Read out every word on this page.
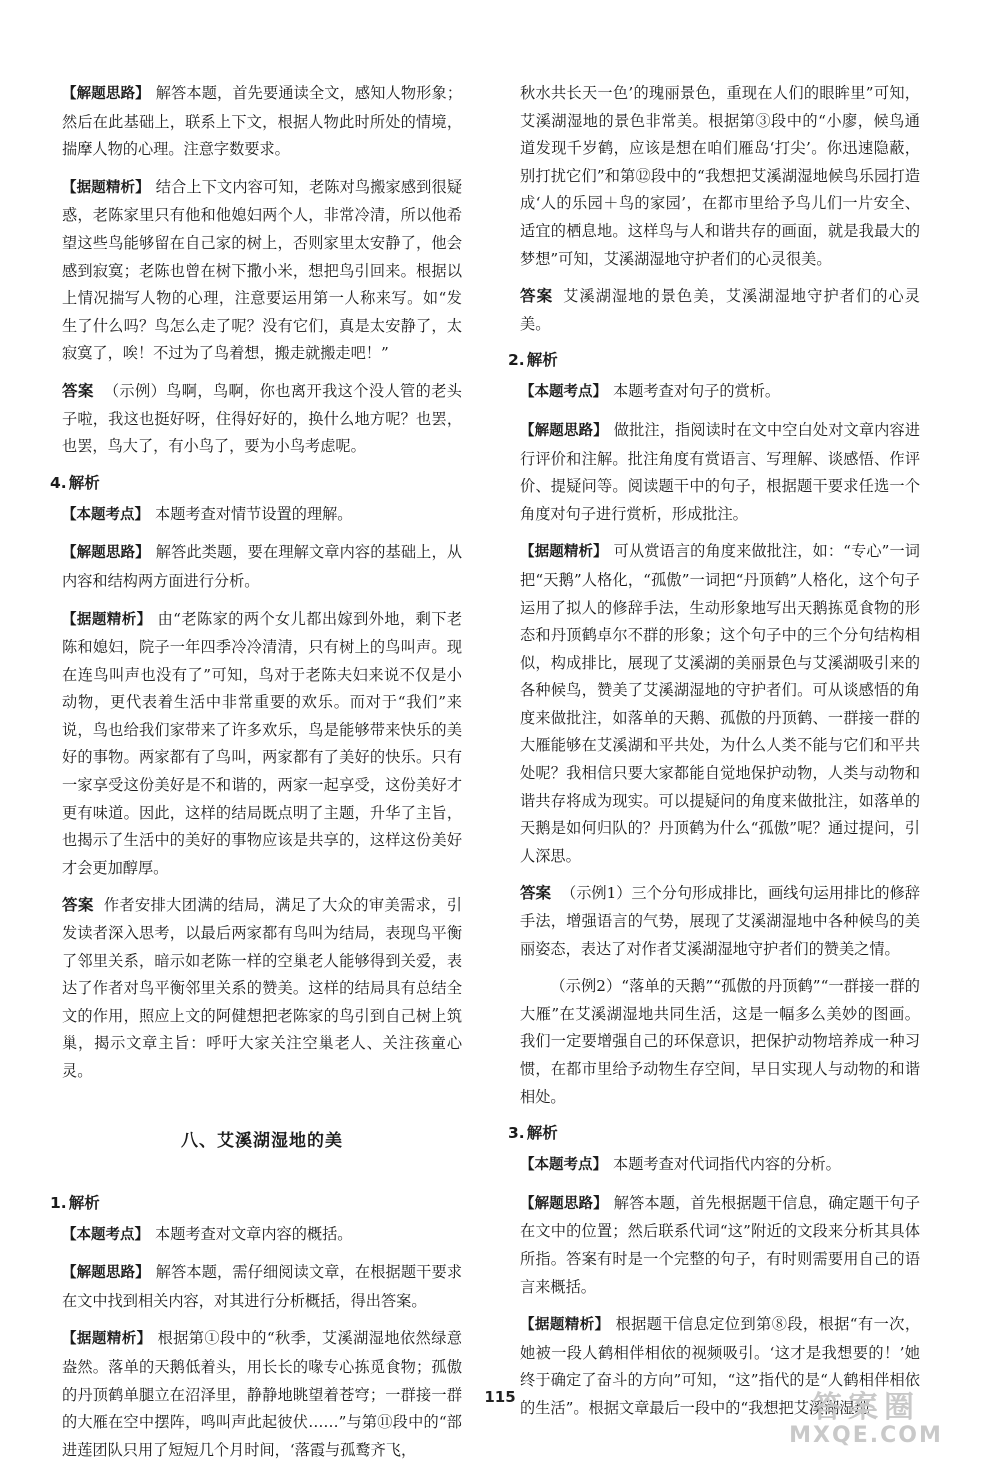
【解题思路】 解答本题，首先要通读全文，感知人物形象；然后在此基础上，联系上下文，根据人物此时所处的情境，揣摩人物的心理。注意字数要求。

【据题精析】 结合上下文内容可知，老陈对鸟搬家感到很疑惑，老陈家里只有他和他媳妇两个人，非常冷清，所以他希望这些鸟能够留在自己家的树上，否则家里太安静了，他会感到寂寞；老陈也曾在树下撒小米，想把鸟引回来。根据以上情况揣写人物的心理，注意要运用第一人称来写。如“发生了什么吗？鸟怎么走了呢？没有它们，真是太安静了，太寂寞了，唉！不过为了鸟着想，搬走就搬走吧！”

答案 （示例）鸟啊，鸟啊，你也离开我这个没人管的老头子啦，我这也挺好呀，住得好好的，换什么地方呢？也罢，也罢，鸟大了，有小鸟了，要为小鸟考虑呢。

4. 解析

【本题考点】 本题考查对情节设置的理解。

【解题思路】 解答此类题，要在理解文章内容的基础上，从内容和结构两方面进行分析。

【据题精析】 由“老陈家的两个女儿都出嫁到外地，剩下老陈和媳妇，院子一年四季冷冷清清，只有树上的鸟叫声。现在连鸟叫声也没有了”可知，鸟对于老陈夫妇来说不仅是小动物，更代表着生活中非常重要的欢乐。而对于“我们”来说，鸟也给我们家带来了许多欢乐，鸟是能够带来快乐的美好的事物。两家都有了鸟叫，两家都有了美好的快乐。只有一家享受这份美好是不和谐的，两家一起享受，这份美好才更有味道。因此，这样的结局既点明了主题，升华了主旨，也揭示了生活中的美好的事物应该是共享的，这样这份美好才会更加醇厚。

答案 作者安排大团满的结局，满足了大众的审美需求，引发读者深入思考，以最后两家都有鸟叫为结局，表现鸟平衡了邻里关系，暗示如老陈一样的空巢老人能够得到关爱，表达了作者对鸟平衡邻里关系的赞美。这样的结局具有总结全文的作用，照应上文的阿健想把老陈家的鸟引到自己树上筑巢，揭示文章主旨：呼吁大家关注空巢老人、关注孩童心灵。

八、艾溪湖湿地的美
1. 解析

【本题考点】 本题考查对文章内容的概括。

【解题思路】 解答本题，需仔细阅读文章，在根据题干要求在文中找到相关内容，对其进行分析概括，得出答案。

【据题精析】 根据第①段中的“秋季，艾溪湖湿地依然绿意盎然。落单的天鹅低着头，用长长的喙专心拣觅食物；孤傲的丹顶鹤单腿立在沼泽里，静静地眺望着苍穹；一群接一群的大雁在空中摆阵，鸣叫声此起彼伏……”与第⑪段中的“部进莲团队只用了短短几个月时间，‘落霞与孤鹜齐飞，

秋水共长天一色’的瑰丽景色，重现在人们的眼眸里”可知，艾溪湖湿地的景色非常美。根据第③段中的“小廖，候鸟通道发现千岁鹤，应该是想在咱们雁岛‘打尖’。你迅速隐蔽，别打扰它们”和第⑫段中的“我想把艾溪湖湿地候鸟乐园打造成‘人的乐园＋鸟的家园’，在都市里给予鸟儿们一片安全、适宜的栖息地。这样鸟与人和谐共存的画面，就是我最大的梦想”可知，艾溪湖湿地守护者们的心灵很美。

答案 艾溪湖湿地的景色美，艾溪湖湿地守护者们的心灵美。

2. 解析

【本题考点】 本题考查对句子的赏析。

【解题思路】 做批注，指阅读时在文中空白处对文章内容进行评价和注解。批注角度有赏语言、写理解、谈感悟、作评价、提疑问等。阅读题干中的句子，根据题干要求任选一个角度对句子进行赏析，形成批注。

【据题精析】 可从赏语言的角度来做批注，如：“专心”一词把“天鹅”人格化，“孤傲”一词把“丹顶鹤”人格化，这个句子运用了拟人的修辞手法，生动形象地写出天鹅拣觅食物的形态和丹顶鹤卓尔不群的形象；这个句子中的三个分句结构相似，构成排比，展现了艾溪湖的美丽景色与艾溪湖吸引来的各种候鸟，赞美了艾溪湖湿地的守护者们。可从谈感悟的角度来做批注，如落单的天鹅、孤傲的丹顶鹤、一群接一群的大雁能够在艾溪湖和平共处，为什么人类不能与它们和平共处呢？我相信只要大家都能自觉地保护动物，人类与动物和谐共存将成为现实。可以提疑问的角度来做批注，如落单的天鹅是如何归队的？丹顶鹤为什么“孤傲”呢？通过提问，引人深思。

答案 （示例1）三个分句形成排比，画线句运用排比的修辞手法，增强语言的气势，展现了艾溪湖湿地中各种候鸟的美丽姿态，表达了对作者艾溪湖湿地守护者们的赞美之情。

（示例2）“落单的天鹅”“孤傲的丹顶鹤”“一群接一群的大雁”在艾溪湖湿地共同生活，这是一幅多么美妙的图画。我们一定要增强自己的环保意识，把保护动物培养成一种习惯，在都市里给予动物生存空间，早日实现人与动物的和谐相处。

3. 解析

【本题考点】 本题考查对代词指代内容的分析。

【解题思路】 解答本题，首先根据题干信息，确定题干句子在文中的位置；然后联系代词“这”附近的文段来分析其具体所指。答案有时是一个完整的句子，有时则需要用自己的语言来概括。

【据题精析】 根据题干信息定位到第⑧段，根据“有一次，她被一段人鹤相伴相依的视频吸引。‘这才是我想要的！’她终于确定了奋斗的方向”可知，“这”指代的是“人鹤相伴相依的生活”。根据文章最后一段中的“我想把艾溪湖湿地

115	答案圈
MXQE.COM
